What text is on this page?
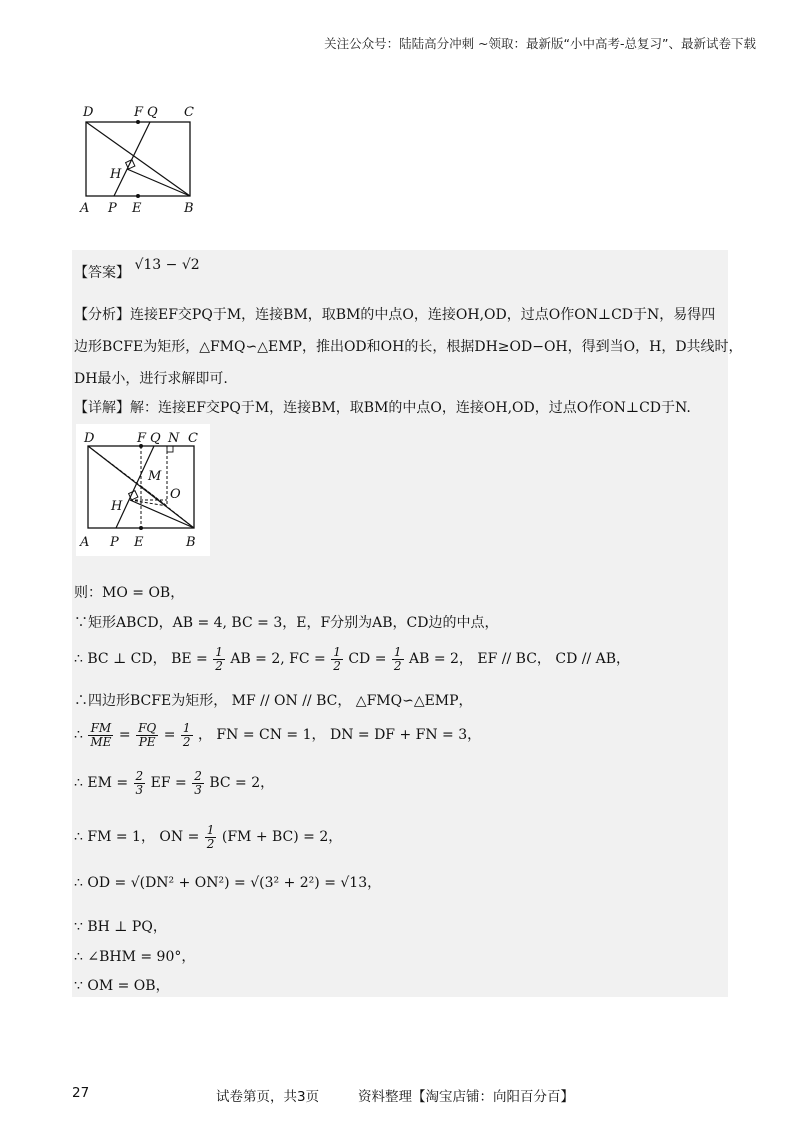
关注公众号：陆陆高分冲刺 ~领取：最新版“小中高考-总复习”、最新试卷下载
D	F Q C
H
A P E	B
【答案】 √13 − √2
【分析】连接EF交PQ于M，连接BM，取BM的中点O，连接OH,OD，过点O作ON⊥CD于N，易得四
边形BCFE为矩形，△FMQ∽△EMP，推出OD和OH的长，根据DH≥OD−OH，得到当O，H，D共线时，
DH最小，进行求解即可.
【详解】解：连接EF交PQ于M，连接BM，取BM的中点O，连接OH,OD，过点O作ON⊥CD于N.
D	F Q N C
M
O
H
A P E	B
则：MO = OB，
∵矩形ABCD，AB = 4, BC = 3，E，F分别为AB，CD边的中点，
∴ BC ⊥ CD， BE = $\frac{1}{2}$ AB = 2, FC = $\frac{1}{2}$ CD = $\frac{1}{2}$ AB = 2， EF // BC， CD // AB，
∴四边形BCFE为矩形， MF // ON // BC， △FMQ∽△EMP，
∴ $\frac{FM}{ME} = \frac{FQ}{PE} = \frac{1}{2}$ ， FN = CN = 1， DN = DF + FN = 3，
∴ EM = $\frac{2}{3}$ EF = $\frac{2}{3}$ BC = 2，
∴ FM = 1， ON = $\frac{1}{2} (FM + BC) = 2$，
∴ OD = √(DN² + ON²) = √(3² + 2²) = √13，
∵ BH ⊥ PQ，
∴ ∠BHM = 90°，
∵ OM = OB，
27	试卷第页，共3页	资料整理【淘宝店铺：向阳百分百】
